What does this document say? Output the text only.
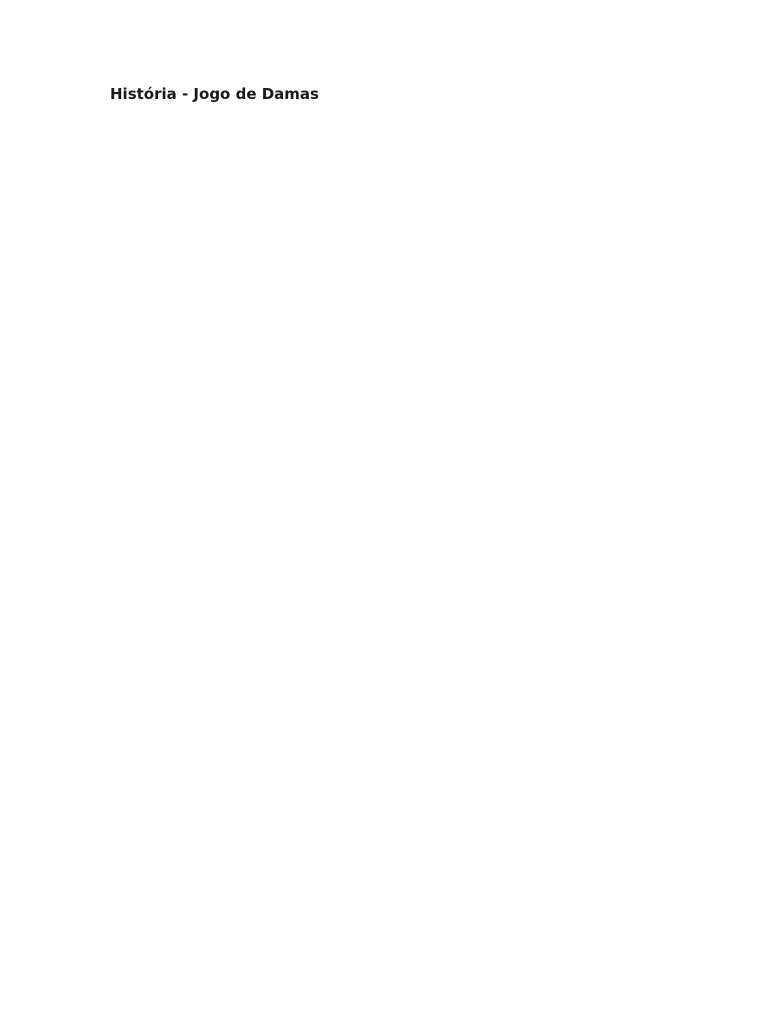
História - Jogo de Damas
